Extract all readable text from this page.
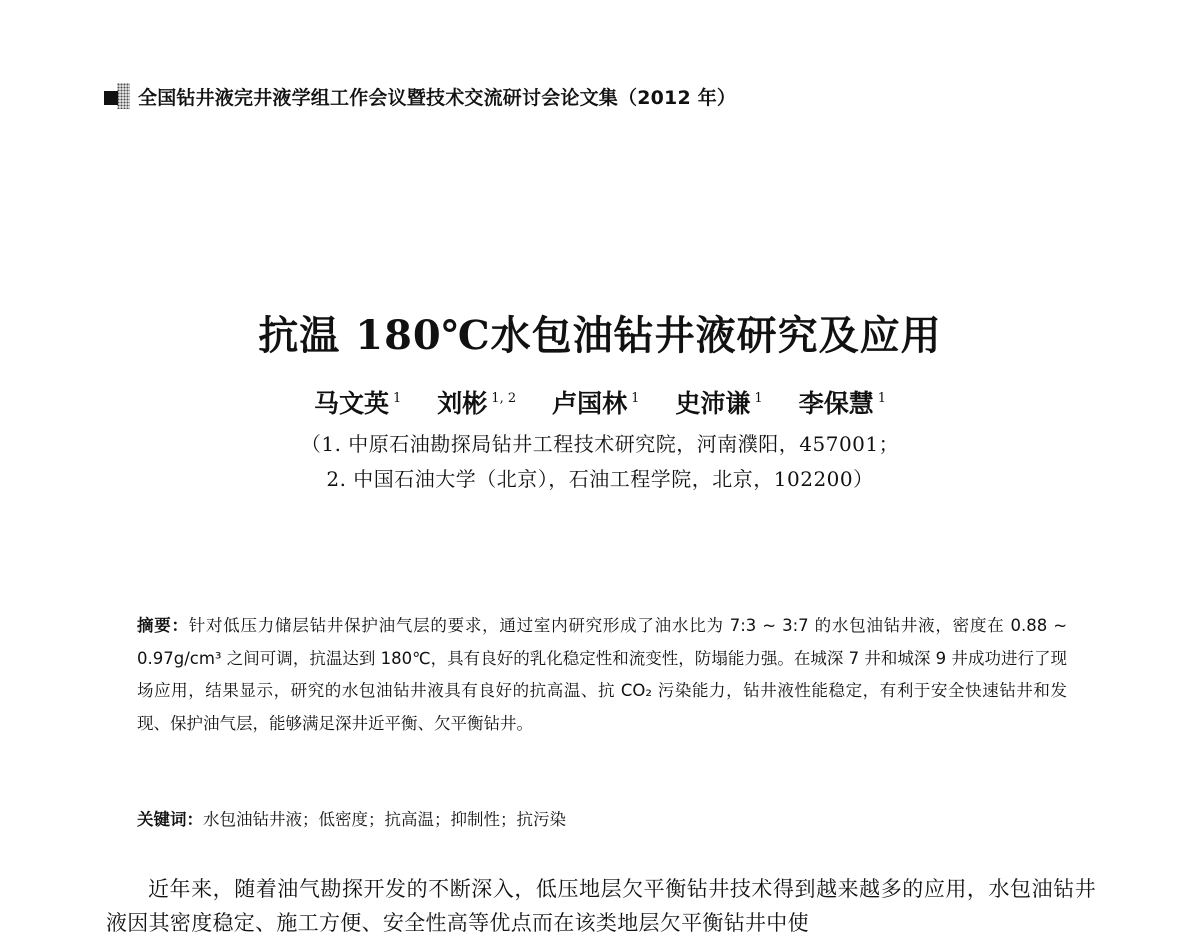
全国钻井液完井液学组工作会议暨技术交流研讨会论文集（2012 年）
抗温 180℃水包油钻井液研究及应用
马文英 $^1$ 刘彬 $^{1, 2}$ 卢国林 $^1$ 史沛谦 $^1$ 李保慧 $^1$
（1. 中原石油勘探局钻井工程技术研究院，河南濮阳，457001；
2. 中国石油大学（北京），石油工程学院，北京，102200）
摘要：针对低压力储层钻井保护油气层的要求，通过室内研究形成了油水比为 7:3 ~ 3:7 的水包油钻井液，密度在 0.88 ~ 0.97g/cm³ 之间可调，抗温达到 180℃，具有良好的乳化稳定性和流变性，防塌能力强。在城深 7 井和城深 9 井成功进行了现场应用，结果显示，研究的水包油钻井液具有良好的抗高温、抗 CO₂ 污染能力，钻井液性能稳定，有利于安全快速钻井和发现、保护油气层，能够满足深井近平衡、欠平衡钻井。
关键词：水包油钻井液；低密度；抗高温；抑制性；抗污染
近年来，随着油气勘探开发的不断深入，低压地层欠平衡钻井技术得到越来越多的应用，水包油钻井液因其密度稳定、施工方便、安全性高等优点而在该类地层欠平衡钻井中使
